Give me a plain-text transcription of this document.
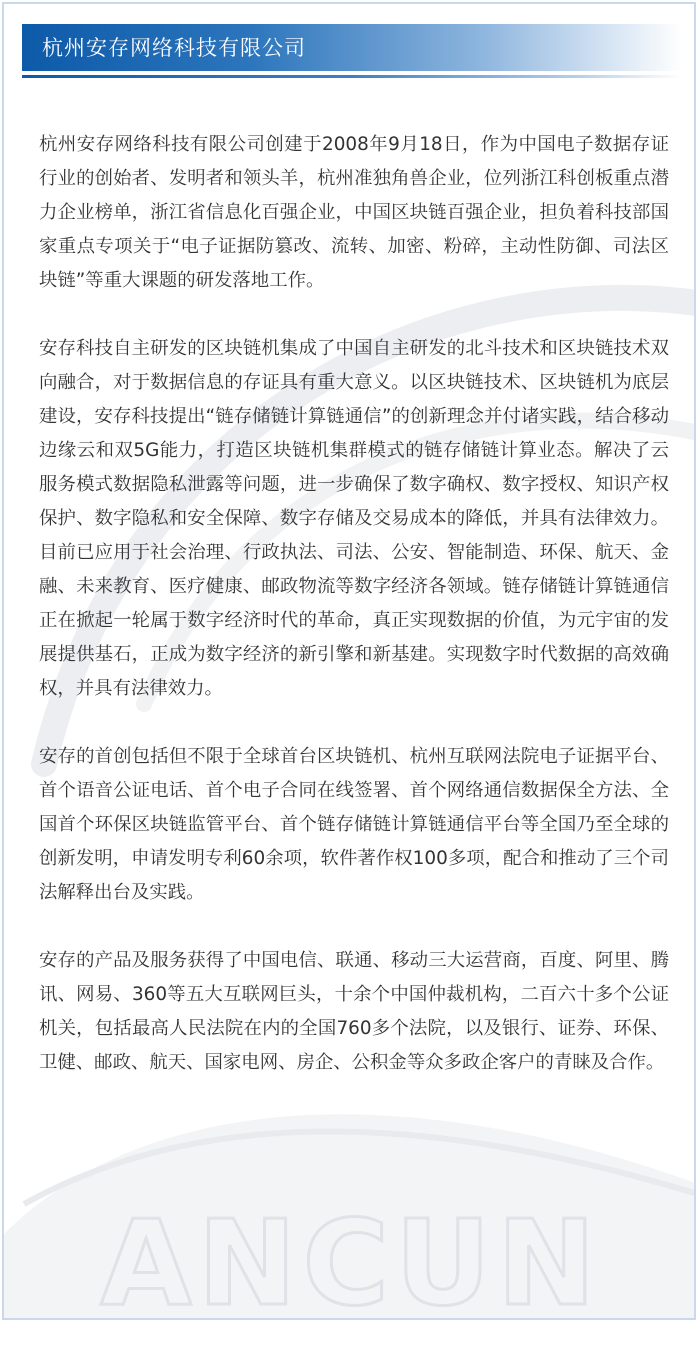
ANCUN
杭州安存网络科技有限公司

杭州安存网络科技有限公司创建于2008年9月18日，作为中国电子数据存证行业的创始者、发明者和领头羊，杭州准独角兽企业，位列浙江科创板重点潜力企业榜单，浙江省信息化百强企业，中国区块链百强企业，担负着科技部国家重点专项关于“电子证据防篡改、流转、加密、粉碎，主动性防御、司法区块链”等重大课题的研发落地工作。

安存科技自主研发的区块链机集成了中国自主研发的北斗技术和区块链技术双向融合，对于数据信息的存证具有重大意义。以区块链技术、区块链机为底层建设，安存科技提出“链存储链计算链通信”的创新理念并付诸实践，结合移动边缘云和双5G能力，打造区块链机集群模式的链存储链计算业态。解决了云服务模式数据隐私泄露等问题，进一步确保了数字确权、数字授权、知识产权保护、数字隐私和安全保障、数字存储及交易成本的降低，并具有法律效力。目前已应用于社会治理、行政执法、司法、公安、智能制造、环保、航天、金融、未来教育、医疗健康、邮政物流等数字经济各领域。链存储链计算链通信正在掀起一轮属于数字经济时代的革命，真正实现数据的价值，为元宇宙的发展提供基石，正成为数字经济的新引擎和新基建。实现数字时代数据的高效确权，并具有法律效力。

安存的首创包括但不限于全球首台区块链机、杭州互联网法院电子证据平台、首个语音公证电话、首个电子合同在线签署、首个网络通信数据保全方法、全国首个环保区块链监管平台、首个链存储链计算链通信平台等全国乃至全球的创新发明，申请发明专利60余项，软件著作权100多项，配合和推动了三个司法解释出台及实践。

安存的产品及服务获得了中国电信、联通、移动三大运营商，百度、阿里、腾讯、网易、360等五大互联网巨头，十余个中国仲裁机构，二百六十多个公证机关，包括最高人民法院在内的全国760多个法院，以及银行、证券、环保、卫健、邮政、航天、国家电网、房企、公积金等众多政企客户的青睐及合作。
